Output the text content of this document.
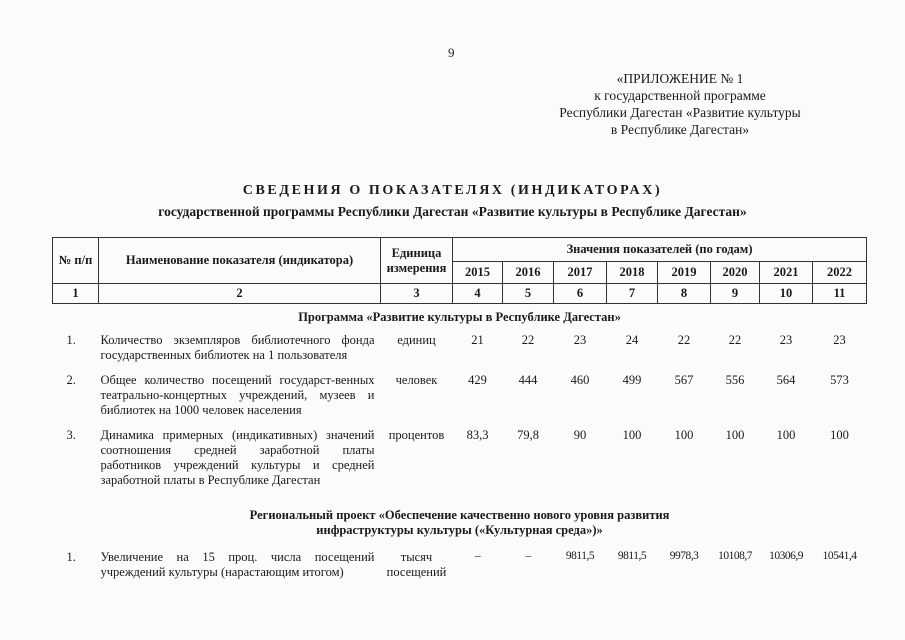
9
«ПРИЛОЖЕНИЕ № 1
к государственной программе
Республики Дагестан «Развитие культуры
в Республике Дагестан»
СВЕДЕНИЯ О ПОКАЗАТЕЛЯХ (ИНДИКАТОРАХ)
государственной программы Республики Дагестан «Развитие культуры в Республике Дагестан»
№ п/п	Наименование показателя (индикатора)	Единица измерения	Значения показателей (по годам)							
			2015	2016	2017	2018	2019	2020	2021	2022
1	2	3	4	5	6	7	8	9	10	11
Программа «Развитие культуры в Республике Дагестан»										
1.	Количество экземпляров библиотечного фонда государственных библиотек на 1 пользователя	единиц	21	22	23	24	22	22	23	23
2.	Общее количество посещений государст-венных театрально-концертных учреждений, музеев и библиотек на 1000 человек населения	человек	429	444	460	499	567	556	564	573
3.	Динамика примерных (индикативных) значений соотношения средней заработной платы работников учреждений культуры и средней заработной платы в Республике Дагестан	процентов	83,3	79,8	90	100	100	100	100	100

Региональный проект «Обеспечение качественно нового уровня развития
инфраструктуры культуры («Культурная среда»)»										

1.	Увеличение на 15 проц. числа посещений учреждений культуры (нарастающим итогом)	тысяч посещений	–	–	9811,5	9811,5	9978,3	10108,7	10306,9	10541,4
